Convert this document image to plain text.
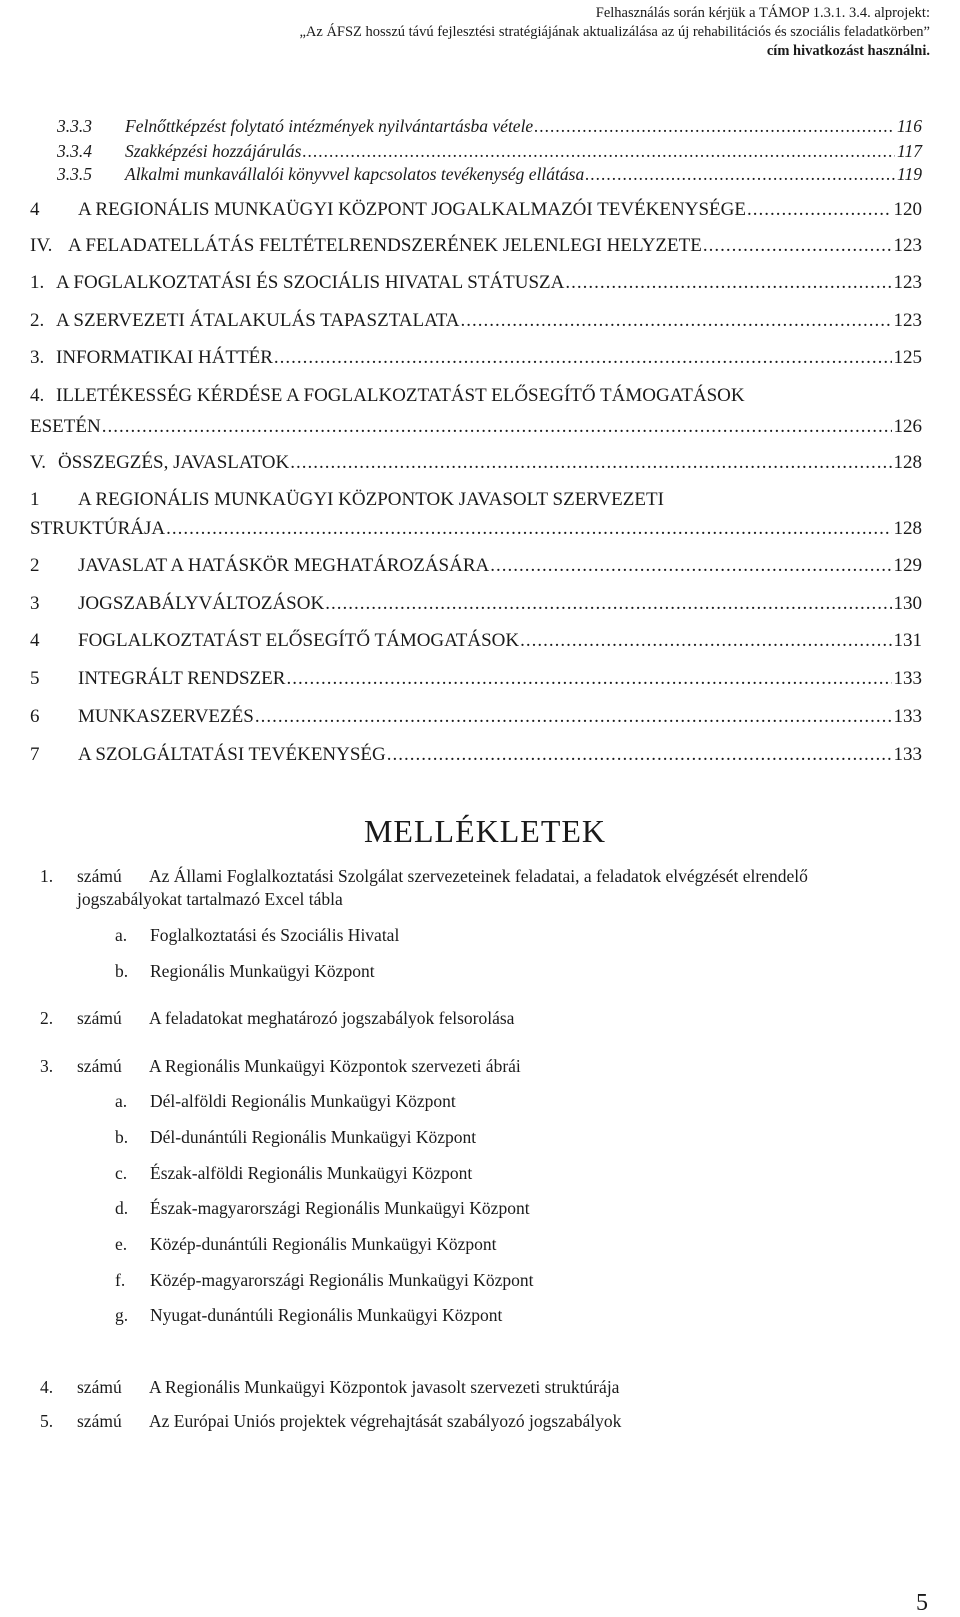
Felhasználás során kérjük a TÁMOP 1.3.1. 3.4. alprojekt:
„Az ÁFSZ hosszú távú fejlesztési stratégiájának aktualizálása az új rehabilitációs és szociális feladatkörben”
cím hivatkozást használni.
3.3.3	Felnőttképzést folytató intézmények nyilvántartásba vétele .....	116
3.3.4	Szakképzési hozzájárulás .....	117
3.3.5	Alkalmi munkavállalói könyvvel kapcsolatos tevékenység ellátása .....	119
4	A REGIONÁLIS MUNKAÜGYI KÖZPONT JOGALKALMAZÓI TEVÉKENYSÉGE .....	120
IV. A FELADATELLÁTÁS FELTÉTELRENDSZERÉNEK JELENLEGI HELYZETE .....	123
1. A FOGLALKOZTATÁSI ÉS SZOCIÁLIS HIVATAL STÁTUSZA .....	123
2. A SZERVEZETI ÁTALAKULÁS TAPASZTALATA .....	123
3. INFORMATIKAI HÁTTÉR .....	125
4. ILLETÉKESSÉG KÉRDÉSE A FOGLALKOZTATÁST ELŐSEGÍTŐ TÁMOGATÁSOK
ESETÉN .....	126
V. ÖSSZEGZÉS, JAVASLATOK .....	128
1	A REGIONÁLIS MUNKAÜGYI KÖZPONTOK JAVASOLT SZERVEZETI
STRUKTÚRÁJA .....	128
2	JAVASLAT A HATÁSKÖR MEGHATÁROZÁSÁRA .....	129
3	JOGSZABÁLYVÁLTOZÁSOK .....	130
4	FOGLALKOZTATÁST ELŐSEGÍTŐ TÁMOGATÁSOK .....	131
5	INTEGRÁLT RENDSZER .....	133
6	MUNKASZERVEZÉS .....	133
7	A SZOLGÁLTATÁSI TEVÉKENYSÉG .....	133
MELLÉKLETEK
1. számú Az Állami Foglalkoztatási Szolgálat szervezeteinek feladatai, a feladatok elvégzését elrendelő
jogszabályokat tartalmazó Excel tábla
a. Foglalkoztatási és Szociális Hivatal
b. Regionális Munkaügyi Központ
2. számú A feladatokat meghatározó jogszabályok felsorolása
3. számú A Regionális Munkaügyi Központok szervezeti ábrái
a. Dél-alföldi Regionális Munkaügyi Központ
b. Dél-dunántúli Regionális Munkaügyi Központ
c. Észak-alföldi Regionális Munkaügyi Központ
d. Észak-magyarországi Regionális Munkaügyi Központ
e. Közép-dunántúli Regionális Munkaügyi Központ
f. Közép-magyarországi Regionális Munkaügyi Központ
g. Nyugat-dunántúli Regionális Munkaügyi Központ
4. számú A Regionális Munkaügyi Központok javasolt szervezeti struktúrája
5. számú Az Európai Uniós projektek végrehajtását szabályozó jogszabályok
5
